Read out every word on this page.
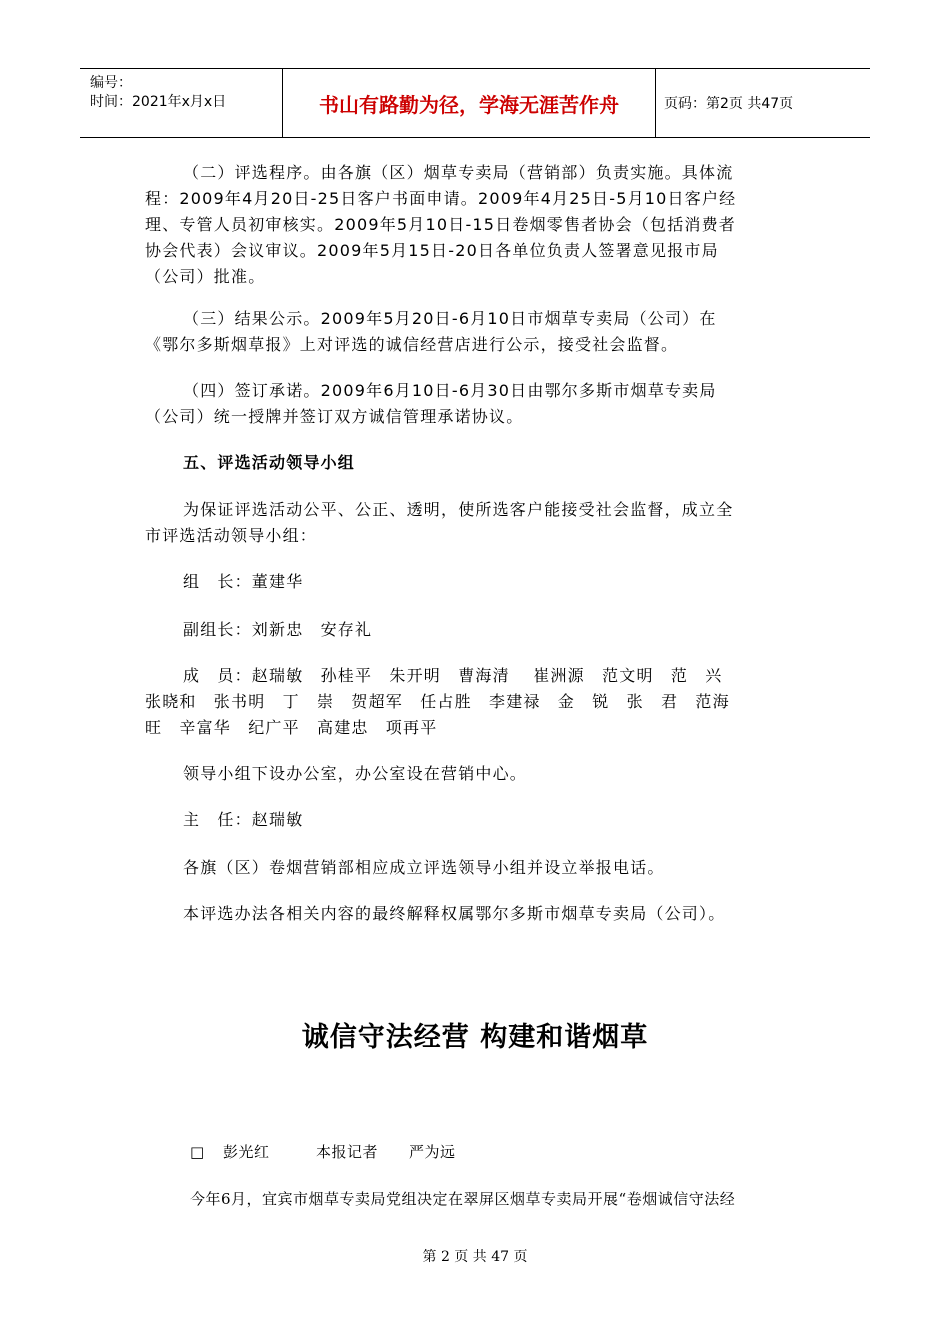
编号：
时间：2021年x月x日	书山有路勤为径，学海无涯苦作舟	页码：第2页 共47页
（二）评选程序。由各旗（区）烟草专卖局（营销部）负责实施。具体流
程：2009年4月20日-25日客户书面申请。2009年4月25日-5月10日客户经
理、专管人员初审核实。2009年5月10日-15日卷烟零售者协会（包括消费者
协会代表）会议审议。2009年5月15日-20日各单位负责人签署意见报市局
（公司）批准。
（三）结果公示。2009年5月20日-6月10日市烟草专卖局（公司）在
《鄂尔多斯烟草报》上对评选的诚信经营店进行公示，接受社会监督。
（四）签订承诺。2009年6月10日-6月30日由鄂尔多斯市烟草专卖局
（公司）统一授牌并签订双方诚信管理承诺协议。
五、评选活动领导小组
为保证评选活动公平、公正、透明，使所选客户能接受社会监督，成立全
市评选活动领导小组：
组　长：董建华
副组长：刘新忠　安存礼
成　员：赵瑞敏　孙桂平　朱开明　曹海清　 崔洲源　范文明　范　兴
张晓和　张书明　丁　崇　贺超军　任占胜　李建禄　金　锐　张　君　范海
旺　辛富华　纪广平　高建忠　项再平
领导小组下设办公室，办公室设在营销中心。
主　任：赵瑞敏
各旗（区）卷烟营销部相应成立评选领导小组并设立举报电话。
本评选办法各相关内容的最终解释权属鄂尔多斯市烟草专卖局（公司）。
诚信守法经营 构建和谐烟草
□ 彭光红　　　本报记者　　严为远
今年6月，宜宾市烟草专卖局党组决定在翠屏区烟草专卖局开展“卷烟诚信守法经
第 2 页 共 47 页
